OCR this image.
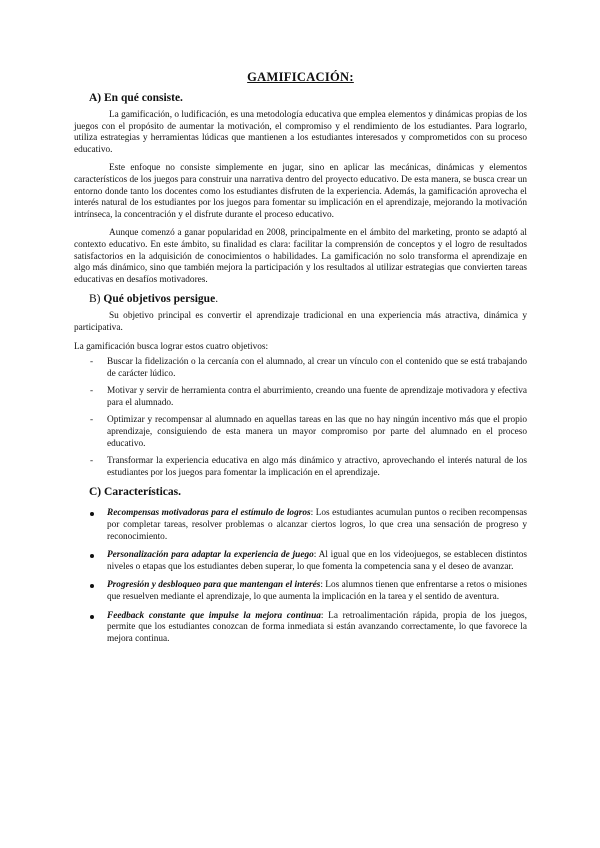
GAMIFICACIÓN:
A) En qué consiste.

La gamificación, o ludificación, es una metodología educativa que emplea elementos y dinámicas propias de los juegos con el propósito de aumentar la motivación, el compromiso y el rendimiento de los estudiantes. Para lograrlo, utiliza estrategias y herramientas lúdicas que mantienen a los estudiantes interesados y comprometidos con su proceso educativo.

Este enfoque no consiste simplemente en jugar, sino en aplicar las mecánicas, dinámicas y elementos característicos de los juegos para construir una narrativa dentro del proyecto educativo. De esta manera, se busca crear un entorno donde tanto los docentes como los estudiantes disfruten de la experiencia. Además, la gamificación aprovecha el interés natural de los estudiantes por los juegos para fomentar su implicación en el aprendizaje, mejorando la motivación intrínseca, la concentración y el disfrute durante el proceso educativo.

Aunque comenzó a ganar popularidad en 2008, principalmente en el ámbito del marketing, pronto se adaptó al contexto educativo. En este ámbito, su finalidad es clara: facilitar la comprensión de conceptos y el logro de resultados satisfactorios en la adquisición de conocimientos o habilidades. La gamificación no solo transforma el aprendizaje en algo más dinámico, sino que también mejora la participación y los resultados al utilizar estrategias que convierten tareas educativas en desafíos motivadores.

B) Qué objetivos persigue.

Su objetivo principal es convertir el aprendizaje tradicional en una experiencia más atractiva, dinámica y participativa.

La gamificación busca lograr estos cuatro objetivos:

- Buscar la fidelización o la cercanía con el alumnado, al crear un vínculo con el contenido que se está trabajando de carácter lúdico.
- Motivar y servir de herramienta contra el aburrimiento, creando una fuente de aprendizaje motivadora y efectiva para el alumnado.
- Optimizar y recompensar al alumnado en aquellas tareas en las que no hay ningún incentivo más que el propio aprendizaje, consiguiendo de esta manera un mayor compromiso por parte del alumnado en el proceso educativo.
- Transformar la experiencia educativa en algo más dinámico y atractivo, aprovechando el interés natural de los estudiantes por los juegos para fomentar la implicación en el aprendizaje.
C) Características.
Recompensas motivadoras para el estímulo de logros: Los estudiantes acumulan puntos o reciben recompensas por completar tareas, resolver problemas o alcanzar ciertos logros, lo que crea una sensación de progreso y reconocimiento.
Personalización para adaptar la experiencia de juego: Al igual que en los videojuegos, se establecen distintos niveles o etapas que los estudiantes deben superar, lo que fomenta la competencia sana y el deseo de avanzar.
Progresión y desbloqueo para que mantengan el interés: Los alumnos tienen que enfrentarse a retos o misiones que resuelven mediante el aprendizaje, lo que aumenta la implicación en la tarea y el sentido de aventura.
Feedback constante que impulse la mejora continua: La retroalimentación rápida, propia de los juegos, permite que los estudiantes conozcan de forma inmediata si están avanzando correctamente, lo que favorece la mejora continua.
